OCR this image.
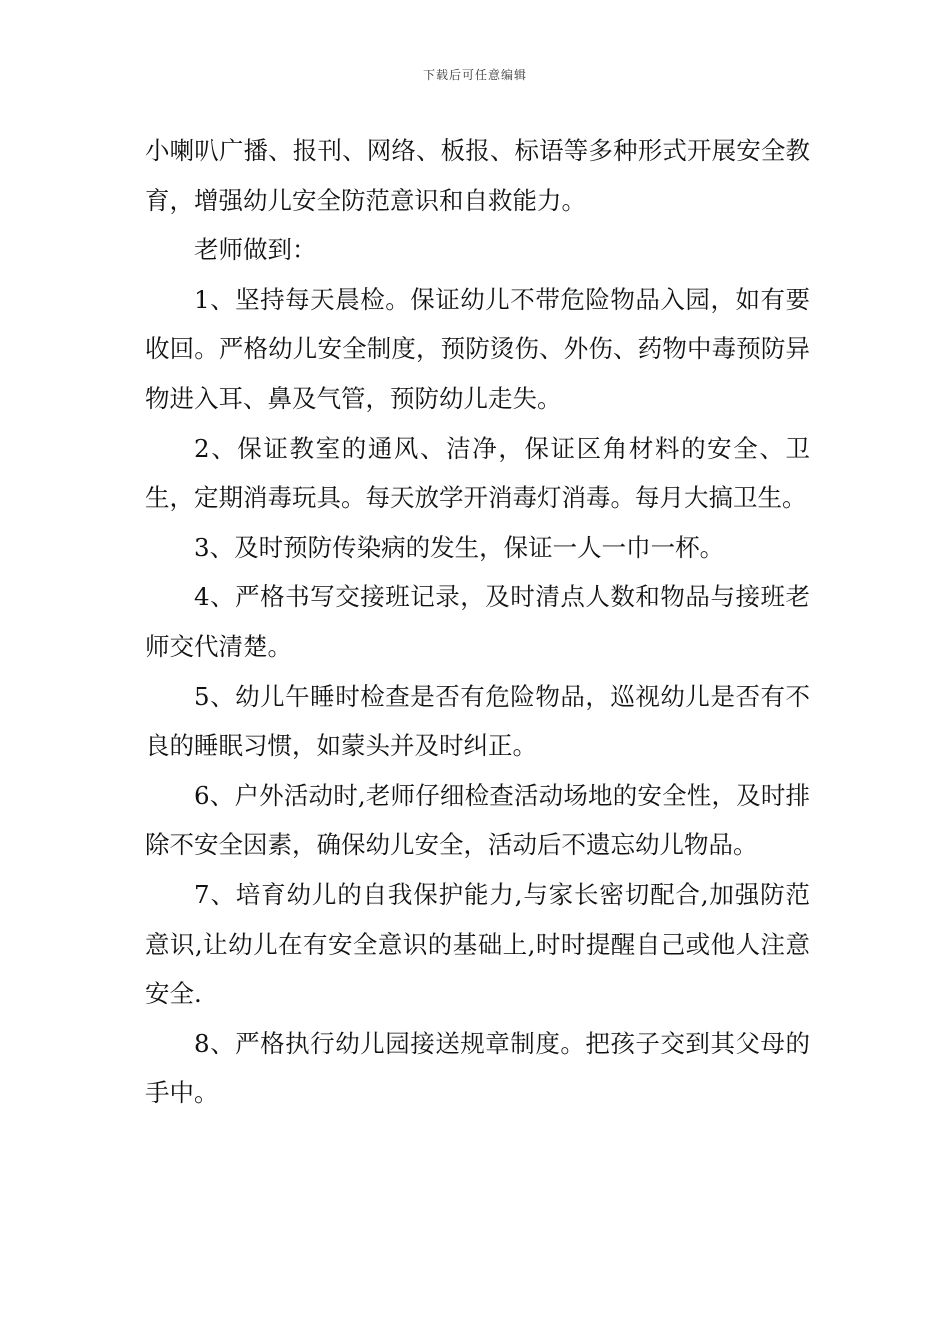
下载后可任意编辑

小喇叭广播、报刊、网络、板报、标语等多种形式开展安全教育，增强幼儿安全防范意识和自救能力。

老师做到：

1、坚持每天晨检。保证幼儿不带危险物品入园，如有要收回。严格幼儿安全制度，预防烫伤、外伤、药物中毒预防异物进入耳、鼻及气管，预防幼儿走失。

2、保证教室的通风、洁净，保证区角材料的安全、卫生，定期消毒玩具。每天放学开消毒灯消毒。每月大搞卫生。

3、及时预防传染病的发生，保证一人一巾一杯。

4、严格书写交接班记录，及时清点人数和物品与接班老师交代清楚。

5、幼儿午睡时检查是否有危险物品，巡视幼儿是否有不良的睡眠习惯，如蒙头并及时纠正。

6、户外活动时,老师仔细检查活动场地的安全性，及时排除不安全因素，确保幼儿安全，活动后不遗忘幼儿物品。

7、培育幼儿的自我保护能力,与家长密切配合,加强防范意识,让幼儿在有安全意识的基础上,时时提醒自己或他人注意安全.

8、严格执行幼儿园接送规章制度。把孩子交到其父母的手中。
